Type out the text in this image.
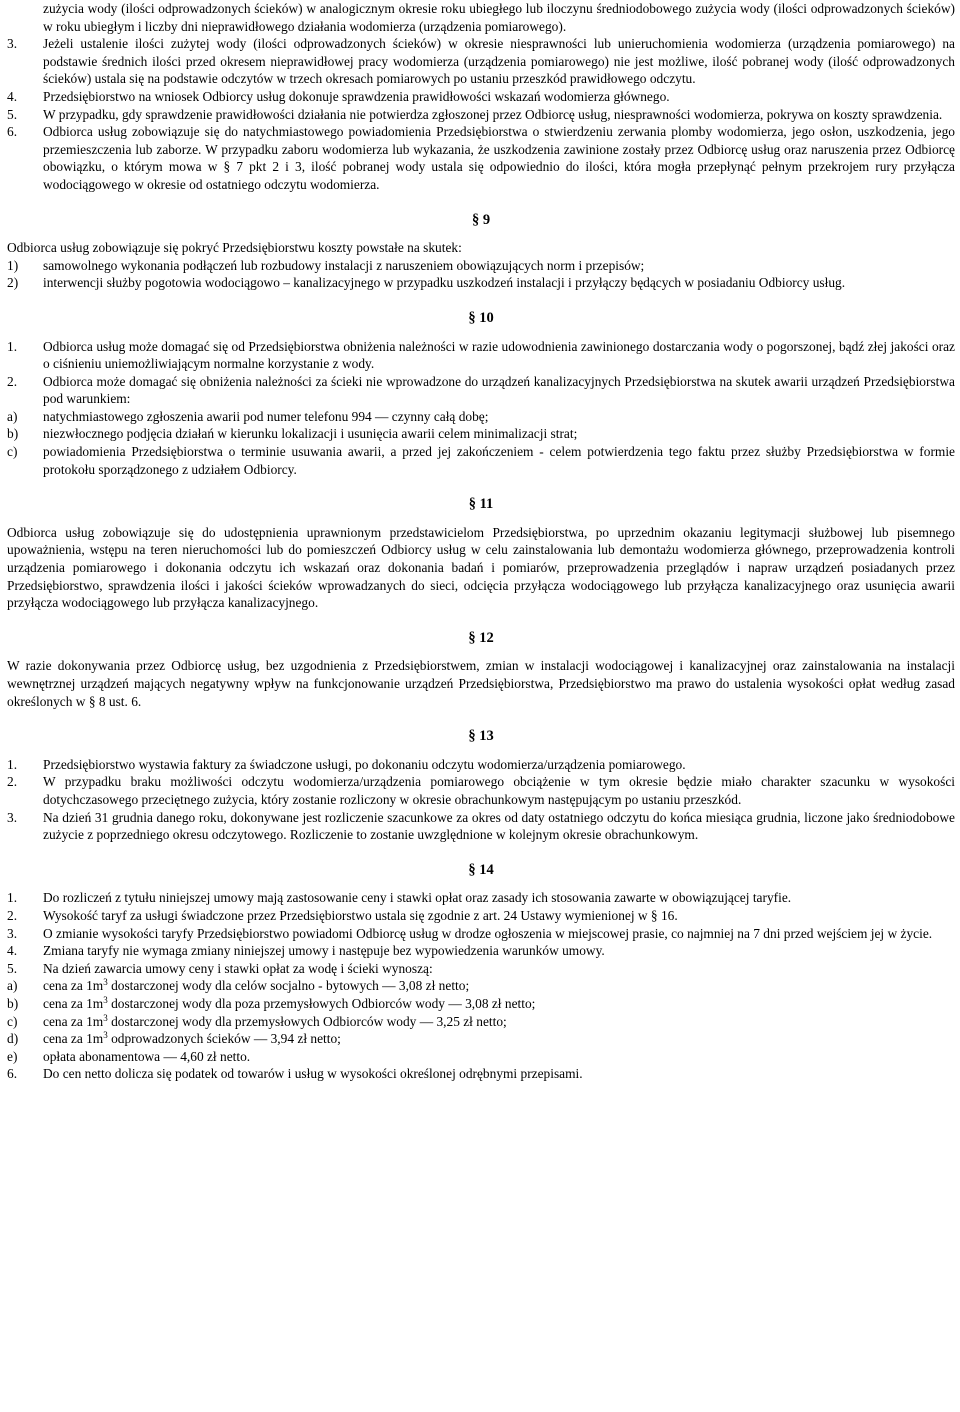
zużycia wody (ilości odprowadzonych ścieków) w analogicznym okresie roku ubiegłego lub iloczynu średniodobowego zużycia wody (ilości odprowadzonych ścieków) w roku ubiegłym i liczby dni nieprawidłowego działania wodomierza (urządzenia pomiarowego).

3.	Jeżeli ustalenie ilości zużytej wody (ilości odprowadzonych ścieków) w okresie niesprawności lub unieruchomienia wodomierza (urządzenia pomiarowego) na podstawie średnich ilości przed okresem nieprawidłowej pracy wodomierza (urządzenia pomiarowego) nie jest możliwe, ilość pobranej wody (ilość odprowadzonych ścieków) ustala się na podstawie odczytów w trzech okresach pomiarowych po ustaniu przeszkód prawidłowego odczytu.
4.	Przedsiębiorstwo na wniosek Odbiorcy usług dokonuje sprawdzenia prawidłowości wskazań wodomierza głównego.
5.	W przypadku, gdy sprawdzenie prawidłowości działania nie potwierdza zgłoszonej przez Odbiorcę usług, niesprawności wodomierza, pokrywa on koszty sprawdzenia.
6.	Odbiorca usług zobowiązuje się do natychmiastowego powiadomienia Przedsiębiorstwa o stwierdzeniu zerwania plomby wodomierza, jego osłon, uszkodzenia, jego przemieszczenia lub zaborze. W przypadku zaboru wodomierza lub wykazania, że uszkodzenia zawinione zostały przez Odbiorcę usług oraz naruszenia przez Odbiorcę obowiązku, o którym mowa w § 7 pkt 2 i 3, ilość pobranej wody ustala się odpowiednio do ilości, która mogła przepłynąć pełnym przekrojem rury przyłącza wodociągowego w okresie od ostatniego odczytu wodomierza.

§ 9

Odbiorca usług zobowiązuje się pokryć Przedsiębiorstwu koszty powstałe na skutek:

1)	samowolnego wykonania podłączeń lub rozbudowy instalacji z naruszeniem obowiązujących norm i przepisów;
2)	interwencji służby pogotowia wodociągowo – kanalizacyjnego w przypadku uszkodzeń instalacji i przyłączy będących w posiadaniu Odbiorcy usług.

§ 10

1.	Odbiorca usług może domagać się od Przedsiębiorstwa obniżenia należności w razie udowodnienia zawinionego dostarczania wody o pogorszonej, bądź złej jakości oraz o ciśnieniu uniemożliwiającym normalne korzystanie z wody.
2.	Odbiorca może domagać się obniżenia należności za ścieki nie wprowadzone do urządzeń kanalizacyjnych Przedsiębiorstwa na skutek awarii urządzeń Przedsiębiorstwa pod warunkiem:
a)	natychmiastowego zgłoszenia awarii pod numer telefonu 994 — czynny całą dobę;
b)	niezwłocznego podjęcia działań w kierunku lokalizacji i usunięcia awarii celem minimalizacji strat;
c)	powiadomienia Przedsiębiorstwa o terminie usuwania awarii, a przed jej zakończeniem - celem potwierdzenia tego faktu przez służby Przedsiębiorstwa w formie protokołu sporządzonego z udziałem Odbiorcy.

§ 11

Odbiorca usług zobowiązuje się do udostępnienia uprawnionym przedstawicielom Przedsiębiorstwa, po uprzednim okazaniu legitymacji służbowej lub pisemnego upoważnienia, wstępu na teren nieruchomości lub do pomieszczeń Odbiorcy usług w celu zainstalowania lub demontażu wodomierza głównego, przeprowadzenia kontroli urządzenia pomiarowego i dokonania odczytu ich wskazań oraz dokonania badań i pomiarów, przeprowadzenia przeglądów i napraw urządzeń posiadanych przez Przedsiębiorstwo, sprawdzenia ilości i jakości ścieków wprowadzanych do sieci, odcięcia przyłącza wodociągowego lub przyłącza kanalizacyjnego oraz usunięcia awarii przyłącza wodociągowego lub przyłącza kanalizacyjnego.

§ 12

W razie dokonywania przez Odbiorcę usług, bez uzgodnienia z Przedsiębiorstwem, zmian w instalacji wodociągowej i kanalizacyjnej oraz zainstalowania na instalacji wewnętrznej urządzeń mających negatywny wpływ na funkcjonowanie urządzeń Przedsiębiorstwa, Przedsiębiorstwo ma prawo do ustalenia wysokości opłat według zasad określonych w § 8 ust. 6.

§ 13

1.	Przedsiębiorstwo wystawia faktury za świadczone usługi, po dokonaniu odczytu wodomierza/urządzenia pomiarowego.
2.	W przypadku braku możliwości odczytu wodomierza/urządzenia pomiarowego obciążenie w tym okresie będzie miało charakter szacunku w wysokości dotychczasowego przeciętnego zużycia, który zostanie rozliczony w okresie obrachunkowym następującym po ustaniu przeszkód.
3.	Na dzień 31 grudnia danego roku, dokonywane jest rozliczenie szacunkowe za okres od daty ostatniego odczytu do końca miesiąca grudnia, liczone jako średniodobowe zużycie z poprzedniego okresu odczytowego. Rozliczenie to zostanie uwzględnione w kolejnym okresie obrachunkowym.

§ 14

1.	Do rozliczeń z tytułu niniejszej umowy mają zastosowanie ceny i stawki opłat oraz zasady ich stosowania zawarte w obowiązującej taryfie.
2.	Wysokość taryf za usługi świadczone przez Przedsiębiorstwo ustala się zgodnie z art. 24 Ustawy wymienionej w § 16.
3.	O zmianie wysokości taryfy Przedsiębiorstwo powiadomi Odbiorcę usług w drodze ogłoszenia w miejscowej prasie, co najmniej na 7 dni przed wejściem jej w życie.
4.	Zmiana taryfy nie wymaga zmiany niniejszej umowy i następuje bez wypowiedzenia warunków umowy.
5.	Na dzień zawarcia umowy ceny i stawki opłat za wodę i ścieki wynoszą:
a)	cena za $1m^3$ dostarczonej wody dla celów socjalno - bytowych — 3,08 zł netto;
b)	cena za $1m^3$ dostarczonej wody dla poza przemysłowych Odbiorców wody — 3,08 zł netto;
c)	cena za $1m^3$ dostarczonej wody dla przemysłowych Odbiorców wody — 3,25 zł netto;
d)	cena za $1m^3$ odprowadzonych ścieków — 3,94 zł netto;
e)	opłata abonamentowa — 4,60 zł netto.
6.	Do cen netto dolicza się podatek od towarów i usług w wysokości określonej odrębnymi przepisami.
